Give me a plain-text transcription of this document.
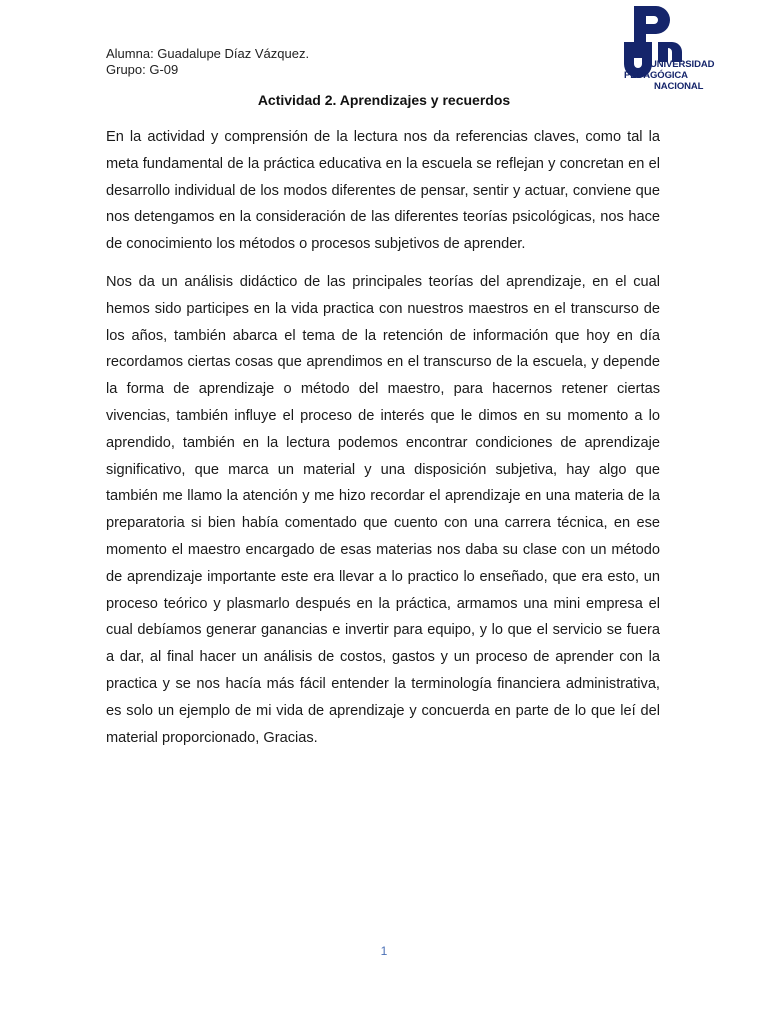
Alumna: Guadalupe Díaz Vázquez.
Grupo: G-09	UNIVERSIDAD
PEDAGÓGICA
NACIONAL
Actividad 2. Aprendizajes y recuerdos

En la actividad y comprensión de la lectura nos da referencias claves, como tal la meta fundamental de la práctica educativa en la escuela se reflejan y concretan en el desarrollo individual de los modos diferentes de pensar, sentir y actuar, conviene que nos detengamos en la consideración de las diferentes teorías psicológicas, nos hace de conocimiento los métodos o procesos subjetivos de aprender.

Nos da un análisis didáctico de las principales teorías del aprendizaje, en el cual hemos sido participes en la vida practica con nuestros maestros en el transcurso de los años, también abarca el tema de la retención de información que hoy en día recordamos ciertas cosas que aprendimos en el transcurso de la escuela, y depende la forma de aprendizaje o método del maestro, para hacernos retener ciertas vivencias, también influye el proceso de interés que le dimos en su momento a lo aprendido, también en la lectura podemos encontrar condiciones de aprendizaje significativo, que marca un material y una disposición subjetiva, hay algo que también me llamo la atención y me hizo recordar el aprendizaje en una materia de la preparatoria si bien había comentado que cuento con una carrera técnica, en ese momento el maestro encargado de esas materias nos daba su clase con un método de aprendizaje importante este era llevar a lo practico lo enseñado, que era esto, un proceso teórico y plasmarlo después en la práctica, armamos una mini empresa el cual debíamos generar ganancias e invertir para equipo, y lo que el servicio se fuera a dar, al final hacer un análisis de costos, gastos y un proceso de aprender con la practica y se nos hacía más fácil entender la terminología financiera administrativa, es solo un ejemplo de mi vida de aprendizaje y concuerda en parte de lo que leí del material proporcionado, Gracias.

1
